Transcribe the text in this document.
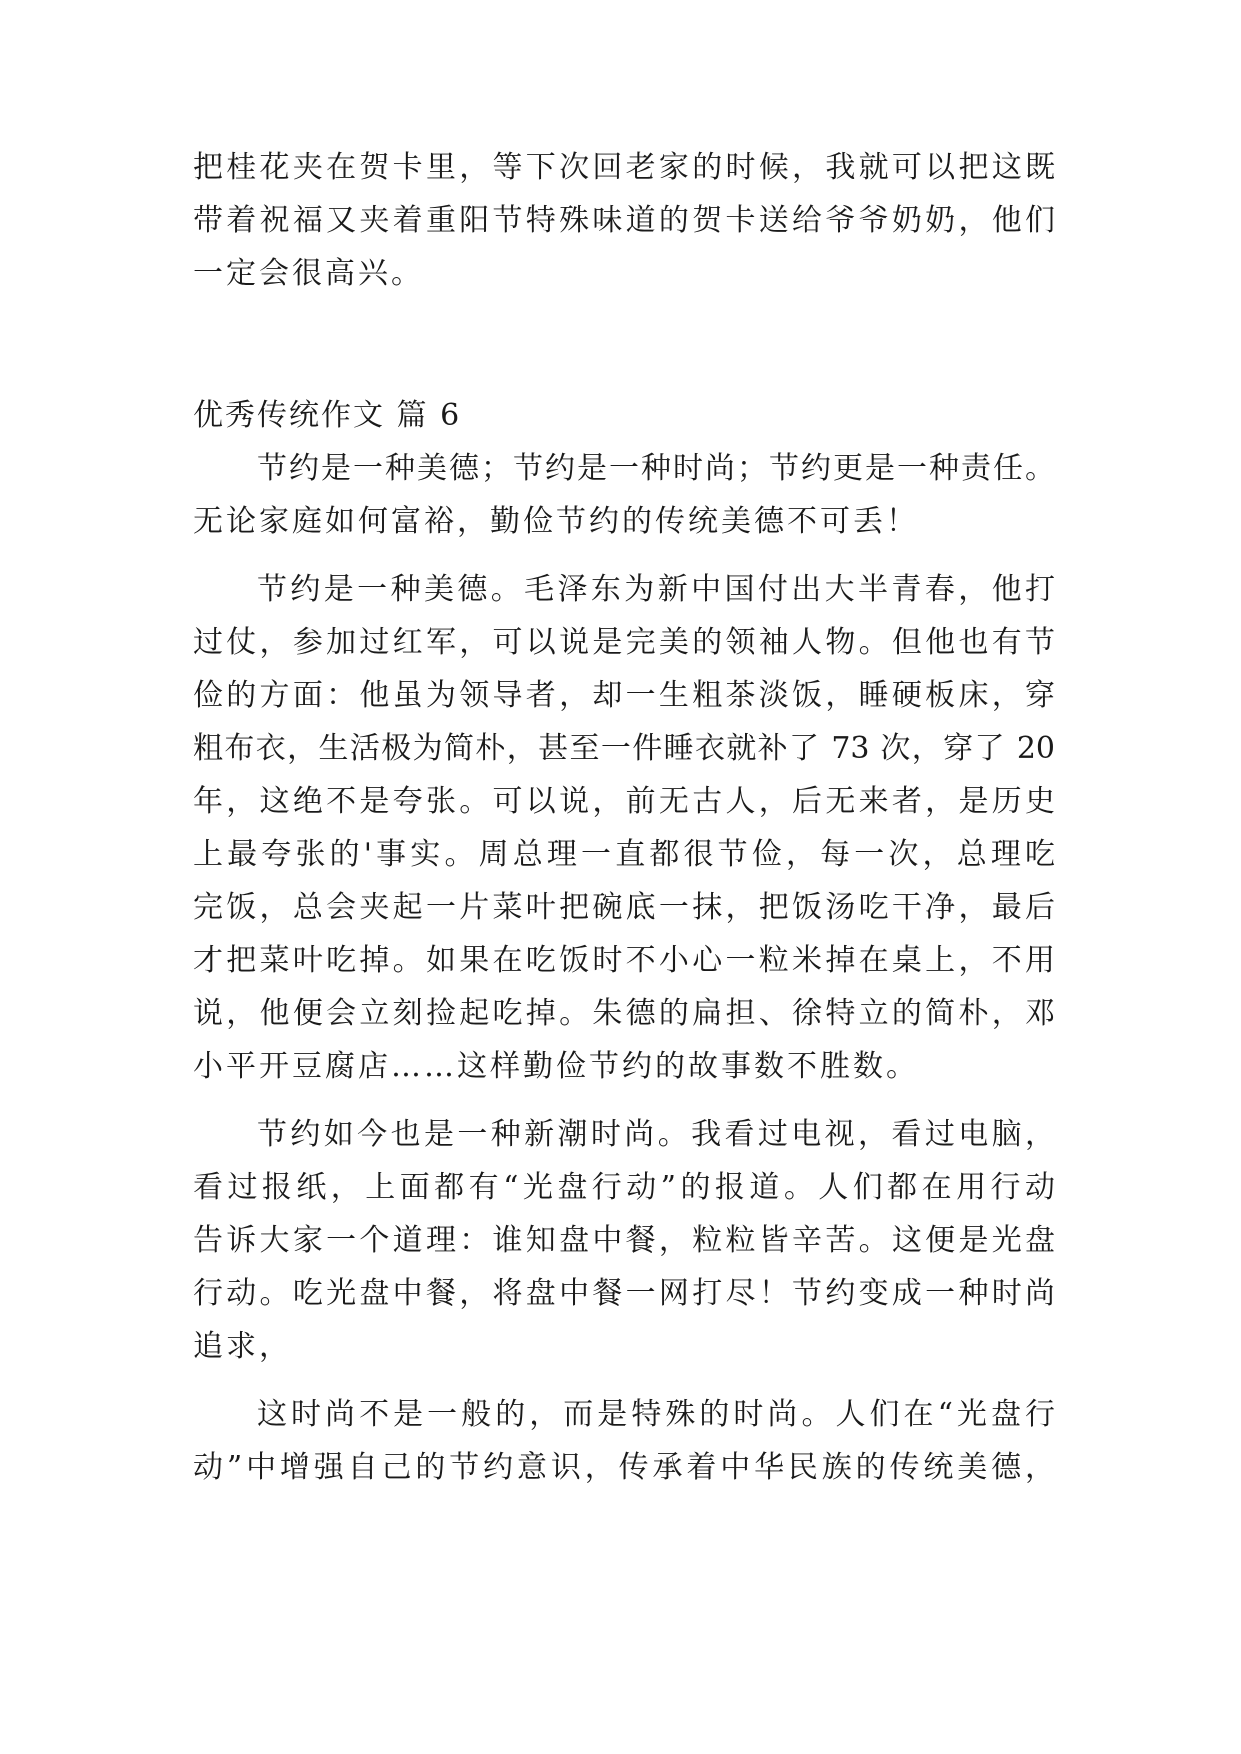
把桂花夹在贺卡里，等下次回老家的时候，我就可以把这既

带着祝福又夹着重阳节特殊味道的贺卡送给爷爷奶奶，他们

一定会很高兴。

优秀传统作文 篇 6

节约是一种美德；节约是一种时尚；节约更是一种责任。

无论家庭如何富裕，勤俭节约的传统美德不可丢！

节约是一种美德。毛泽东为新中国付出大半青春，他打

过仗，参加过红军，可以说是完美的领袖人物。但他也有节

俭的方面：他虽为领导者，却一生粗茶淡饭，睡硬板床，穿

粗布衣，生活极为简朴，甚至一件睡衣就补了 73 次，穿了 20

年，这绝不是夸张。可以说，前无古人，后无来者，是历史

上最夸张的'事实。周总理一直都很节俭，每一次，总理吃

完饭，总会夹起一片菜叶把碗底一抹，把饭汤吃干净，最后

才把菜叶吃掉。如果在吃饭时不小心一粒米掉在桌上，不用

说，他便会立刻捡起吃掉。朱德的扁担、徐特立的简朴，邓

小平开豆腐店……这样勤俭节约的故事数不胜数。

节约如今也是一种新潮时尚。我看过电视，看过电脑，

看过报纸，上面都有“光盘行动”的报道。人们都在用行动

告诉大家一个道理：谁知盘中餐，粒粒皆辛苦。这便是光盘

行动。吃光盘中餐，将盘中餐一网打尽！节约变成一种时尚

追求，

这时尚不是一般的，而是特殊的时尚。人们在“光盘行

动”中增强自己的节约意识，传承着中华民族的传统美德，
